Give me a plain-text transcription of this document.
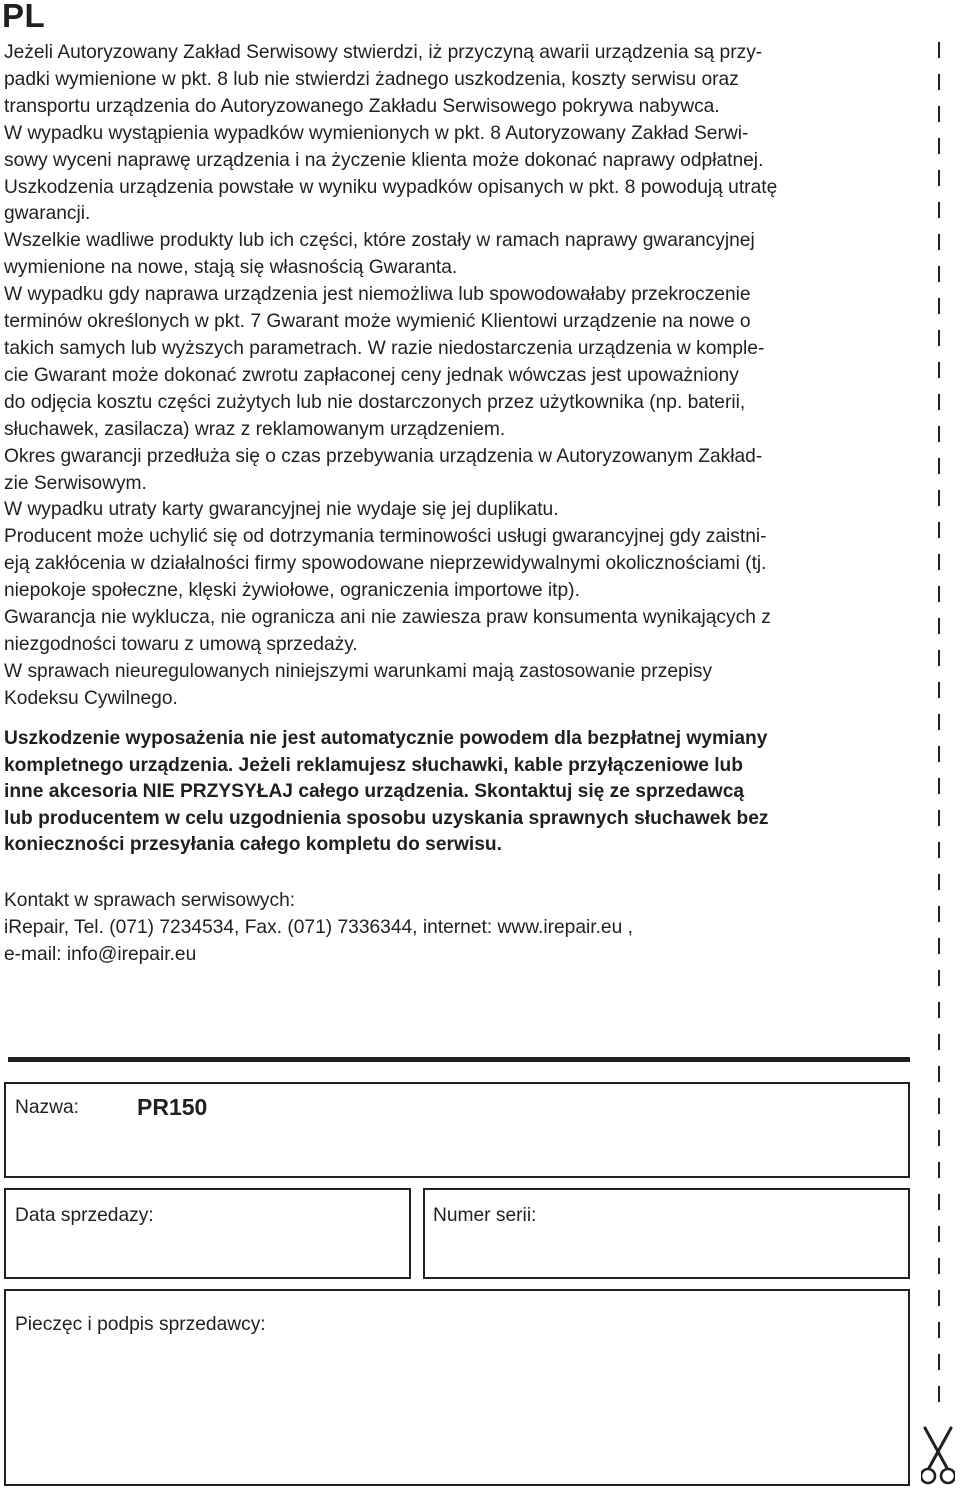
PL
Jeżeli Autoryzowany Zakład Serwisowy stwierdzi, iż przyczyną awarii urządzenia są przy-
padki wymienione w pkt. 8 lub nie stwierdzi żadnego uszkodzenia, koszty serwisu oraz
transportu urządzenia do Autoryzowanego Zakładu Serwisowego pokrywa nabywca.
W wypadku wystąpienia wypadków wymienionych w pkt. 8 Autoryzowany Zakład Serwi-
sowy wyceni naprawę urządzenia i na życzenie klienta może dokonać naprawy odpłatnej.
Uszkodzenia urządzenia powstałe w wyniku wypadków opisanych w pkt. 8 powodują utratę
gwarancji.
Wszelkie wadliwe produkty lub ich części, które zostały w ramach naprawy gwarancyjnej
wymienione na nowe, stają się własnością Gwaranta.
W wypadku gdy naprawa urządzenia jest niemożliwa lub spowodowałaby przekroczenie
terminów określonych w pkt. 7 Gwarant może wymienić Klientowi urządzenie na nowe o
takich samych lub wyższych parametrach. W razie niedostarczenia urządzenia w komple-
cie Gwarant może dokonać zwrotu zapłaconej ceny jednak wówczas jest upoważniony
do odjęcia kosztu części zużytych lub nie dostarczonych przez użytkownika (np. baterii,
słuchawek, zasilacza) wraz z reklamowanym urządzeniem.
Okres gwarancji przedłuża się o czas przebywania urządzenia w Autoryzowanym Zakład-
zie Serwisowym.
W wypadku utraty karty gwarancyjnej nie wydaje się jej duplikatu.
Producent może uchylić się od dotrzymania terminowości usługi gwarancyjnej gdy zaistni-
eją zakłócenia w działalności firmy spowodowane nieprzewidywalnymi okolicznościami (tj.
niepokoje społeczne, klęski żywiołowe, ograniczenia importowe itp).
Gwarancja nie wyklucza, nie ogranicza ani nie zawiesza praw konsumenta wynikających z
niezgodności towaru z umową sprzedaży.
W sprawach nieuregulowanych niniejszymi warunkami mają zastosowanie przepisy
Kodeksu Cywilnego.
Uszkodzenie wyposażenia nie jest automatycznie powodem dla bezpłatnej wymiany
kompletnego urządzenia. Jeżeli reklamujesz słuchawki, kable przyłączeniowe lub
inne akcesoria NIE PRZYSYŁAJ całego urządzenia. Skontaktuj się ze sprzedawcą
lub producentem w celu uzgodnienia sposobu uzyskania sprawnych słuchawek bez
konieczności przesyłania całego kompletu do serwisu.
Kontakt w sprawach serwisowych:
iRepair, Tel. (071) 7234534, Fax. (071) 7336344, internet: www.irepair.eu ,
e-mail: info@irepair.eu
Nazwa:	PR150
Data sprzedazy:	Numer serii:
Pieczęc i podpis sprzedawcy:
